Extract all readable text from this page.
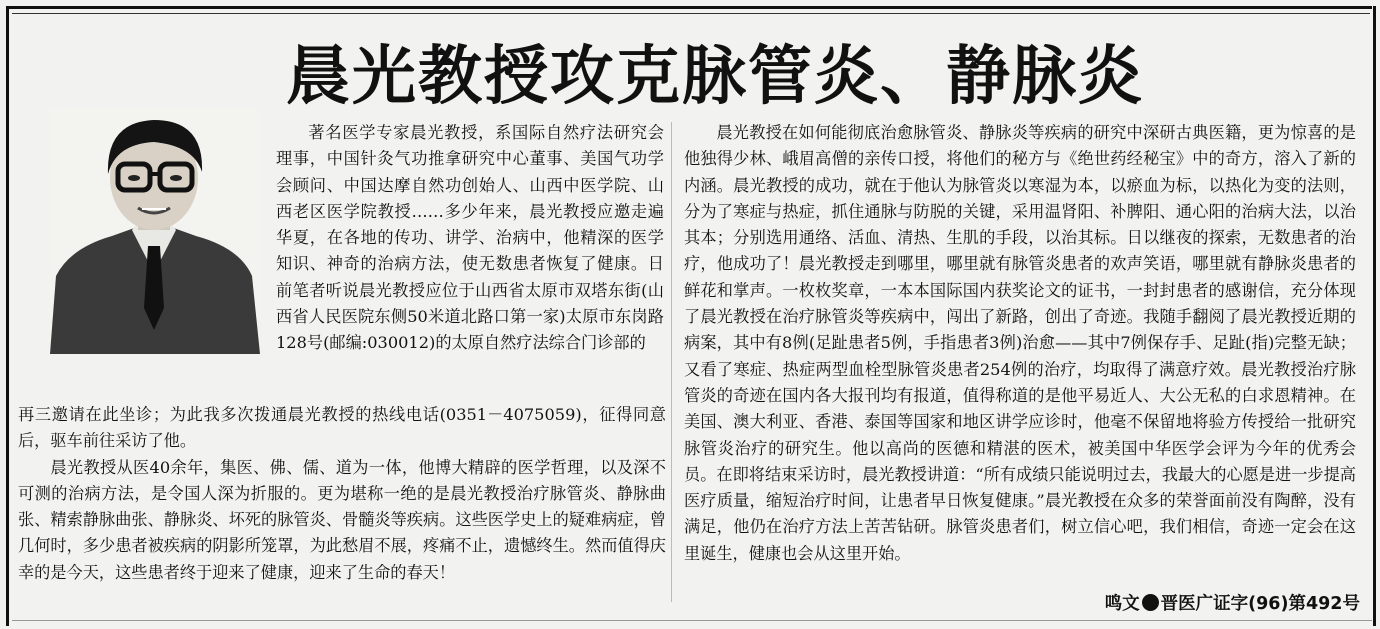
晨光教授攻克脉管炎、静脉炎

著名医学专家晨光教授，系国际自然疗法研究会理事，中国针灸气功推拿研究中心董事、美国气功学会顾问、中国达摩自然功创始人、山西中医学院、山西老区医学院教授……多少年来，晨光教授应邀走遍华夏，在各地的传功、讲学、治病中，他精深的医学知识、神奇的治病方法，使无数患者恢复了健康。日前笔者听说晨光教授应位于山西省太原市双塔东街(山西省人民医院东侧50米道北路口第一家)太原市东岗路128号(邮编:030012)的太原自然疗法综合门诊部的

再三邀请在此坐诊；为此我多次拨通晨光教授的热线电话(0351－4075059)，征得同意后，驱车前往采访了他。

晨光教授从医40余年，集医、佛、儒、道为一体，他博大精辟的医学哲理，以及深不可测的治病方法，是令国人深为折服的。更为堪称一绝的是晨光教授治疗脉管炎、静脉曲张、精索静脉曲张、静脉炎、坏死的脉管炎、骨髓炎等疾病。这些医学史上的疑难病症，曾几何时，多少患者被疾病的阴影所笼罩，为此愁眉不展，疼痛不止，遗憾终生。然而值得庆幸的是今天，这些患者终于迎来了健康，迎来了生命的春天！

晨光教授在如何能彻底治愈脉管炎、静脉炎等疾病的研究中深研古典医籍，更为惊喜的是他独得少林、峨眉高僧的亲传口授，将他们的秘方与《绝世药经秘宝》中的奇方，溶入了新的内涵。晨光教授的成功，就在于他认为脉管炎以寒湿为本，以瘀血为标，以热化为变的法则，分为了寒症与热症，抓住通脉与防脱的关键，采用温肾阳、补脾阳、通心阳的治病大法，以治其本；分别选用通络、活血、清热、生肌的手段，以治其标。日以继夜的探索，无数患者的治疗，他成功了！晨光教授走到哪里，哪里就有脉管炎患者的欢声笑语，哪里就有静脉炎患者的鲜花和掌声。一枚枚奖章，一本本国际国内获奖论文的证书，一封封患者的感谢信，充分体现了晨光教授在治疗脉管炎等疾病中，闯出了新路，创出了奇迹。我随手翻阅了晨光教授近期的病案，其中有8例(足趾患者5例，手指患者3例)治愈——其中7例保存手、足趾(指)完整无缺；又看了寒症、热症两型血栓型脉管炎患者254例的治疗，均取得了满意疗效。晨光教授治疗脉管炎的奇迹在国内各大报刊均有报道，值得称道的是他平易近人、大公无私的白求恩精神。在美国、澳大利亚、香港、泰国等国家和地区讲学应诊时，他毫不保留地将验方传授给一批研究脉管炎治疗的研究生。他以高尚的医德和精湛的医术，被美国中华医学会评为今年的优秀会员。在即将结束采访时，晨光教授讲道：“所有成绩只能说明过去，我最大的心愿是进一步提高医疗质量，缩短治疗时间，让患者早日恢复健康。”晨光教授在众多的荣誉面前没有陶醉，没有满足，他仍在治疗方法上苦苦钻研。脉管炎患者们，树立信心吧，我们相信，奇迹一定会在这里诞生，健康也会从这里开始。

鸣文 晋医广证字(96)第492号
